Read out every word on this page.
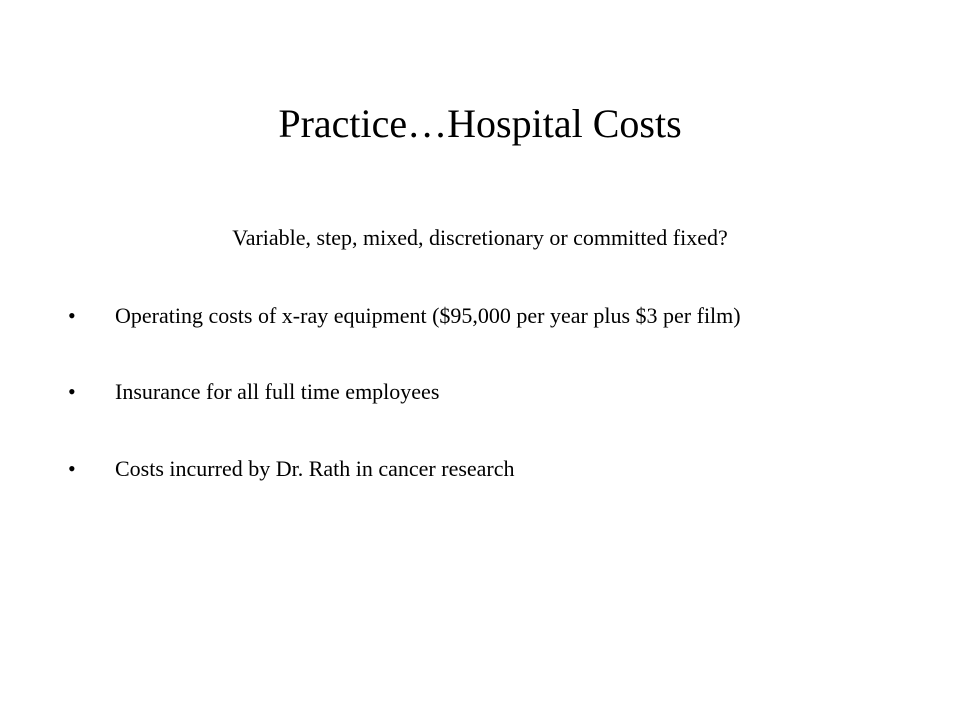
Practice…Hospital Costs
Variable, step, mixed, discretionary or committed fixed?
•	Operating costs of x-ray equipment ($95,000 per year plus $3 per film)
•	Insurance for all full time employees
•	Costs incurred by Dr. Rath in cancer research
